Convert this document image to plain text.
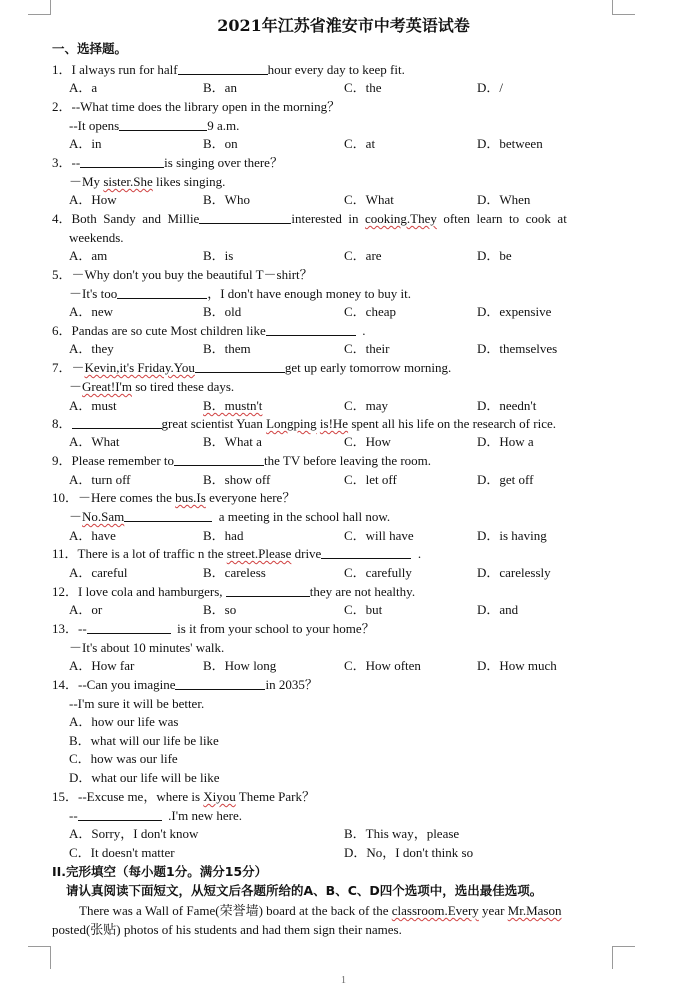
2021年江苏省淮安市中考英语试卷
一、选择题。
1．I always run for half	hour every day to keep fit.
A．a	B．an	C．the	D．/
2．--What time does the library open in the morning？
--It opens	9 a.m.
A．in	B．on	C．at	D．between
3．--	is singing over there？
－My sister.She likes singing.
A．How	B．Who	C．What	D．When
4．Both  Sandy  and  Millie	interested  in  cooking.They  often  learn  to  cook  at
weekends.
A．am	B．is	C．are	D．be
5．－Why don't you buy the beautiful T－shirt？
－It's too	，I don't have enough money to buy it.
A．new	B．old	C．cheap	D．expensive
6．Pandas are so cute Most children like	.
A．they	B．them	C．their	D．themselves
7．－Kevin,it's Friday.You	get up early tomorrow morning.
－Great!I'm so tired these days.
A．must	B．mustn't	C．may	D．needn't
8．	great scientist Yuan Longping is!He spent all his life on the research of rice.
A．What	B．What a	C．How	D．How a
9．Please remember to	the TV before leaving the room.
A．turn off	B．show off	C．let off	D．get off
10．－Here comes the bus.Is everyone here？
－No.Sam	a meeting in the school hall now.
A．have	B．had	C．will have	D．is having
11．There is a lot of traffic n the street.Please drive	.
A．careful	B．careless	C．carefully	D．carelessly
12．I love cola and hamburgers,	they are not healthy.
A．or	B．so	C．but	D．and
13．--	is it from your school to your home？
－It's about 10 minutes' walk.
A．How far	B．How long	C．How often	D．How much
14．--Can you imagine	in 2035？
--I'm sure it will be better.
A．how our life was
B．what will our life be like
C．how was our life
D．what our life will be like
15．--Excuse me，where is Xiyou Theme Park？
--	.I'm new here.
A．Sorry，I don't know	B．This way，please
C．It doesn't matter	D．No，I don't think so
II.完形填空（每小题1分。满分15分）
请认真阅读下面短文，从短文后各题所给的A、B、C、D四个选项中，选出最佳选项。
There was a Wall of Fame(荣誉墙) board at the back of the classroom.Every year Mr.Mason
posted(张贴) photos of his students and had them sign their names.
1
